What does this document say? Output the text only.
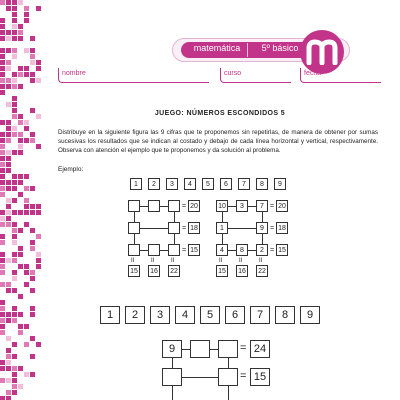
matemática	5º básico
nombre	curso	fecha
JUEGO: NÚMEROS ESCONDIDOS 5

Distribuye en la siguiente figura las 9 cifras que te proponemos sin repetirlas, de manera de obtener por sumas sucesivas los resultados que se indican al costado y debajo de cada línea horizontal y vertical, respectivamente. Observa con atención el ejemplo que te proponemos y da solución al problema.

Ejemplo:
1	2	3	4	5	6	7	8	9
= 20
= 18
= 15
II	II	II
15	16	22
10	3	7 = 20
1	9 = 18
4	8	2 = 15
II	II	II
15	16	22
1	2	3	4	5	6	7	8	9
9	= 24
= 15
